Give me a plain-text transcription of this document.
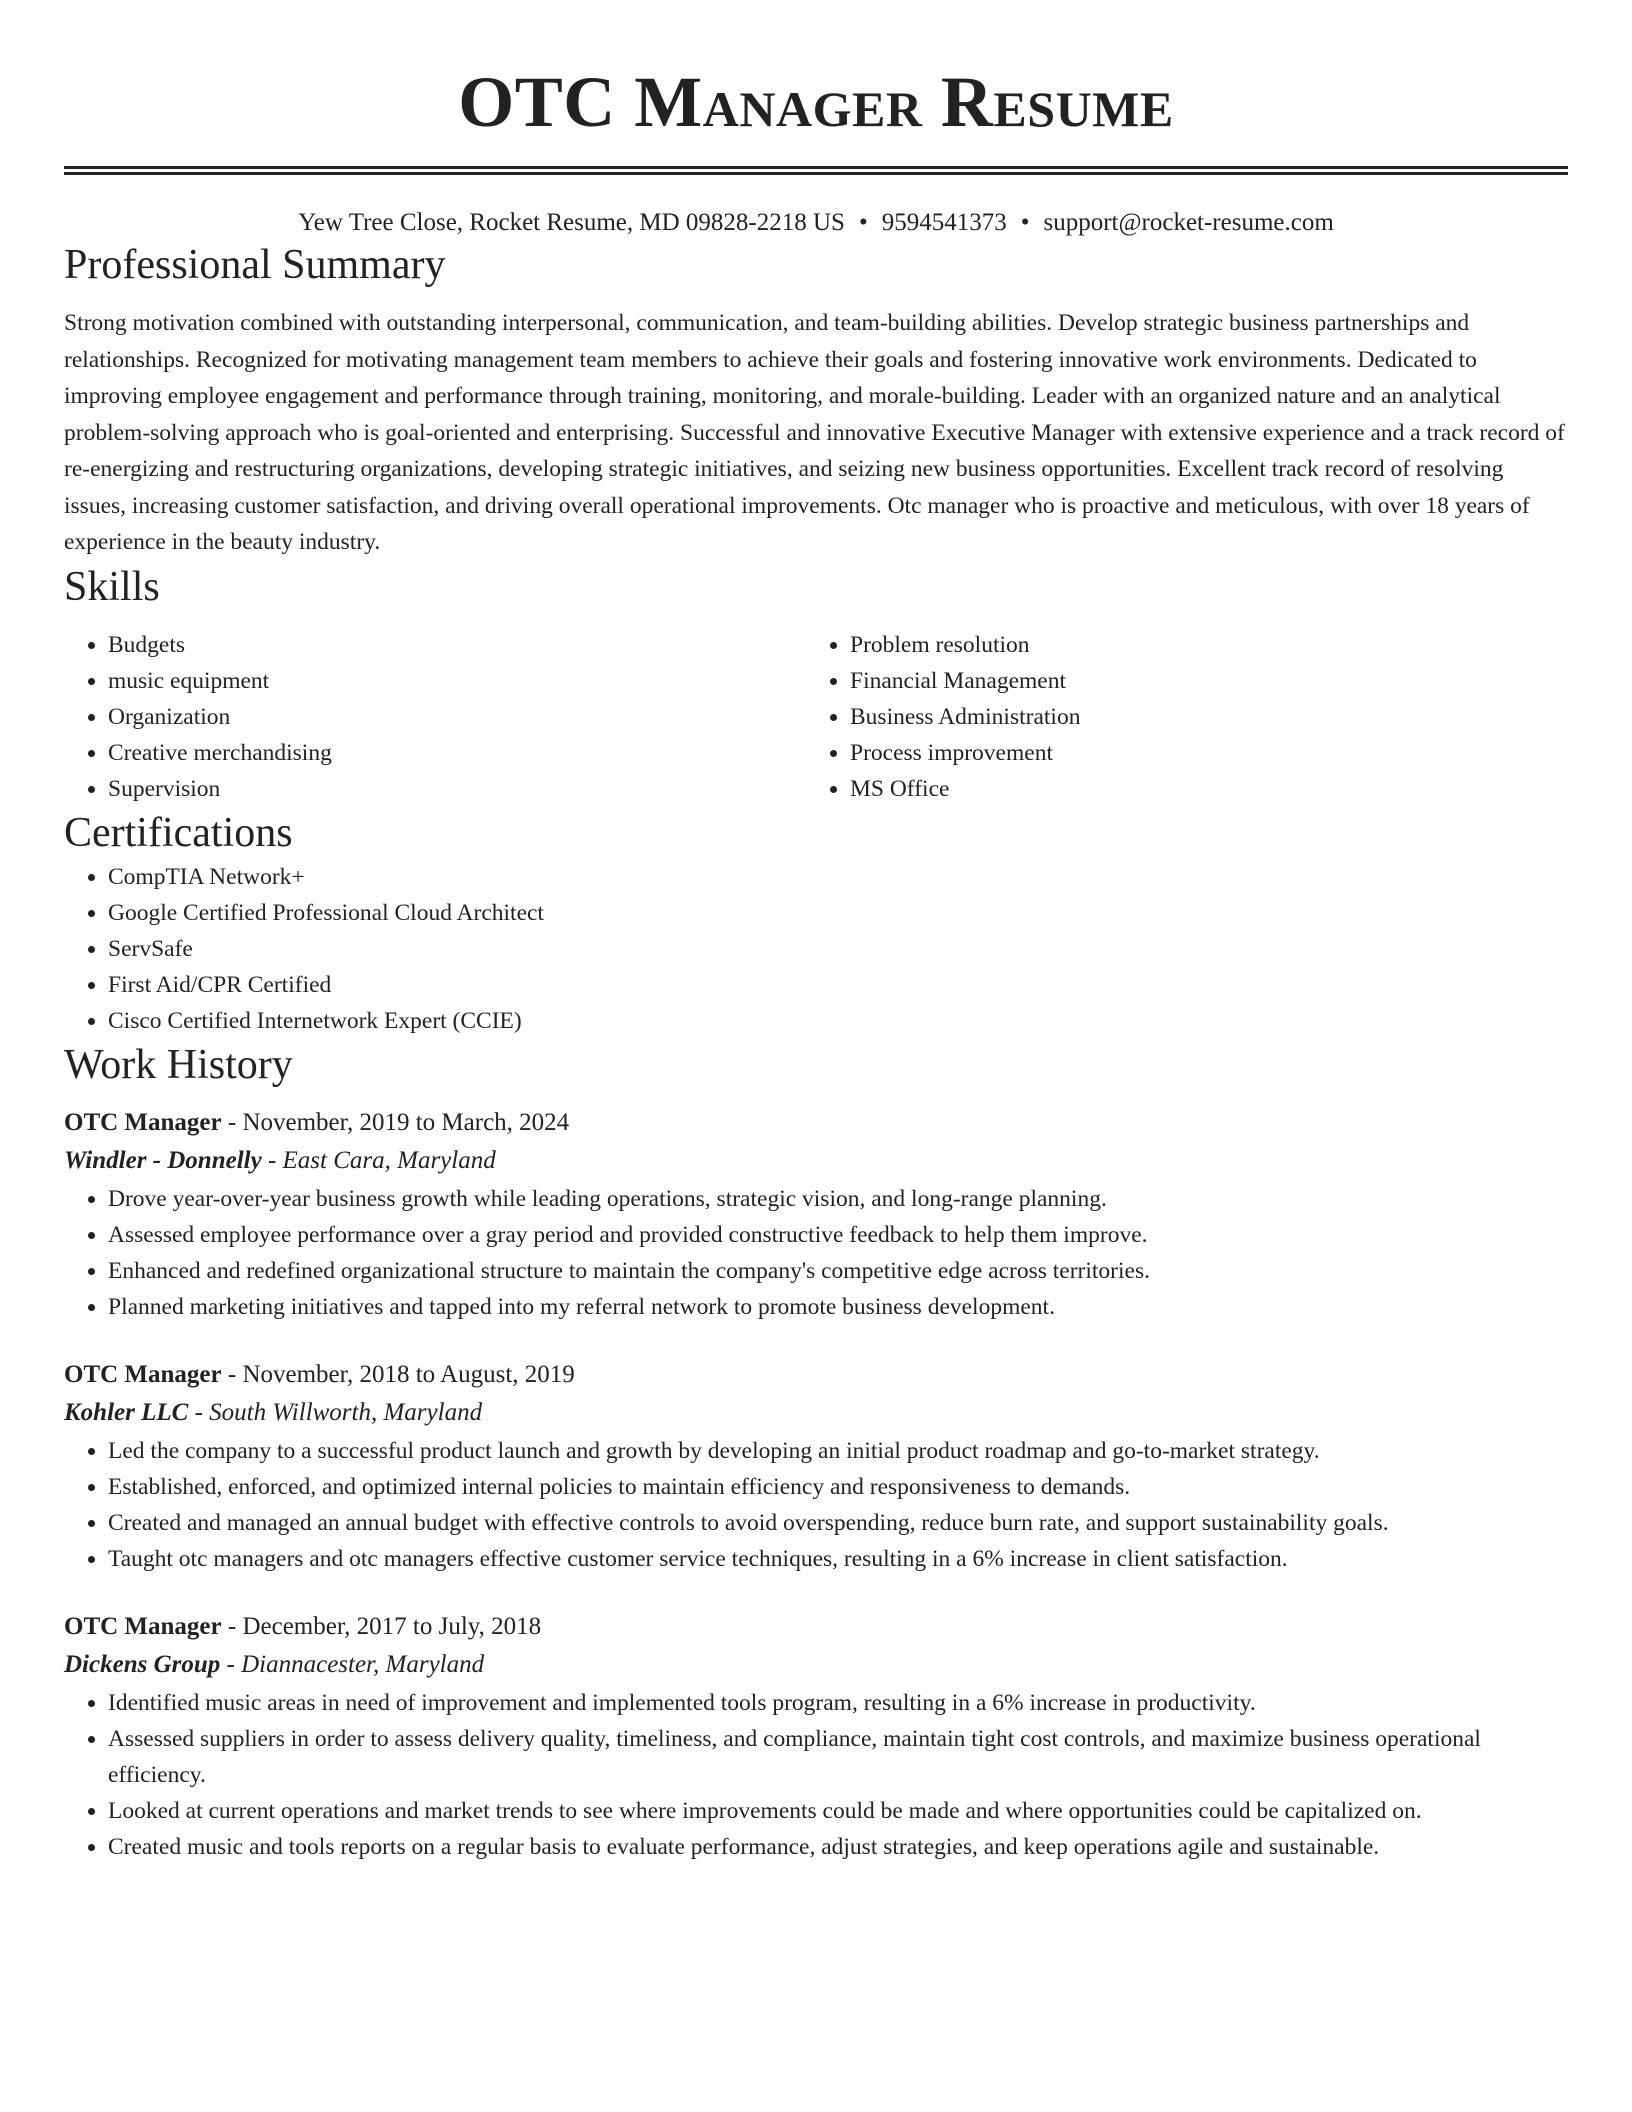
OTC Manager Resume
Yew Tree Close, Rocket Resume, MD 09828-2218 US • 9594541373 • support@rocket-resume.com
Professional Summary

Strong motivation combined with outstanding interpersonal, communication, and team-building abilities. Develop strategic business partnerships and relationships. Recognized for motivating management team members to achieve their goals and fostering innovative work environments. Dedicated to improving employee engagement and performance through training, monitoring, and morale-building. Leader with an organized nature and an analytical problem-solving approach who is goal-oriented and enterprising. Successful and innovative Executive Manager with extensive experience and a track record of re-energizing and restructuring organizations, developing strategic initiatives, and seizing new business opportunities. Excellent track record of resolving issues, increasing customer satisfaction, and driving overall operational improvements. Otc manager who is proactive and meticulous, with over 18 years of experience in the beauty industry.

Skills
• Budgets
• music equipment
• Organization
• Creative merchandising
• Supervision
• Problem resolution
• Financial Management
• Business Administration
• Process improvement
• MS Office
Certifications
• CompTIA Network+
• Google Certified Professional Cloud Architect
• ServSafe
• First Aid/CPR Certified
• Cisco Certified Internetwork Expert (CCIE)
Work History
OTC Manager - November, 2019 to March, 2024
Windler - Donnelly - East Cara, Maryland
• Drove year-over-year business growth while leading operations, strategic vision, and long-range planning.
• Assessed employee performance over a gray period and provided constructive feedback to help them improve.
• Enhanced and redefined organizational structure to maintain the company's competitive edge across territories.
• Planned marketing initiatives and tapped into my referral network to promote business development.
OTC Manager - November, 2018 to August, 2019
Kohler LLC - South Willworth, Maryland
• Led the company to a successful product launch and growth by developing an initial product roadmap and go-to-market strategy.
• Established, enforced, and optimized internal policies to maintain efficiency and responsiveness to demands.
• Created and managed an annual budget with effective controls to avoid overspending, reduce burn rate, and support sustainability goals.
• Taught otc managers and otc managers effective customer service techniques, resulting in a 6% increase in client satisfaction.
OTC Manager - December, 2017 to July, 2018
Dickens Group - Diannacester, Maryland
• Identified music areas in need of improvement and implemented tools program, resulting in a 6% increase in productivity.
• Assessed suppliers in order to assess delivery quality, timeliness, and compliance, maintain tight cost controls, and maximize business operational efficiency.
• Looked at current operations and market trends to see where improvements could be made and where opportunities could be capitalized on.
• Created music and tools reports on a regular basis to evaluate performance, adjust strategies, and keep operations agile and sustainable.
